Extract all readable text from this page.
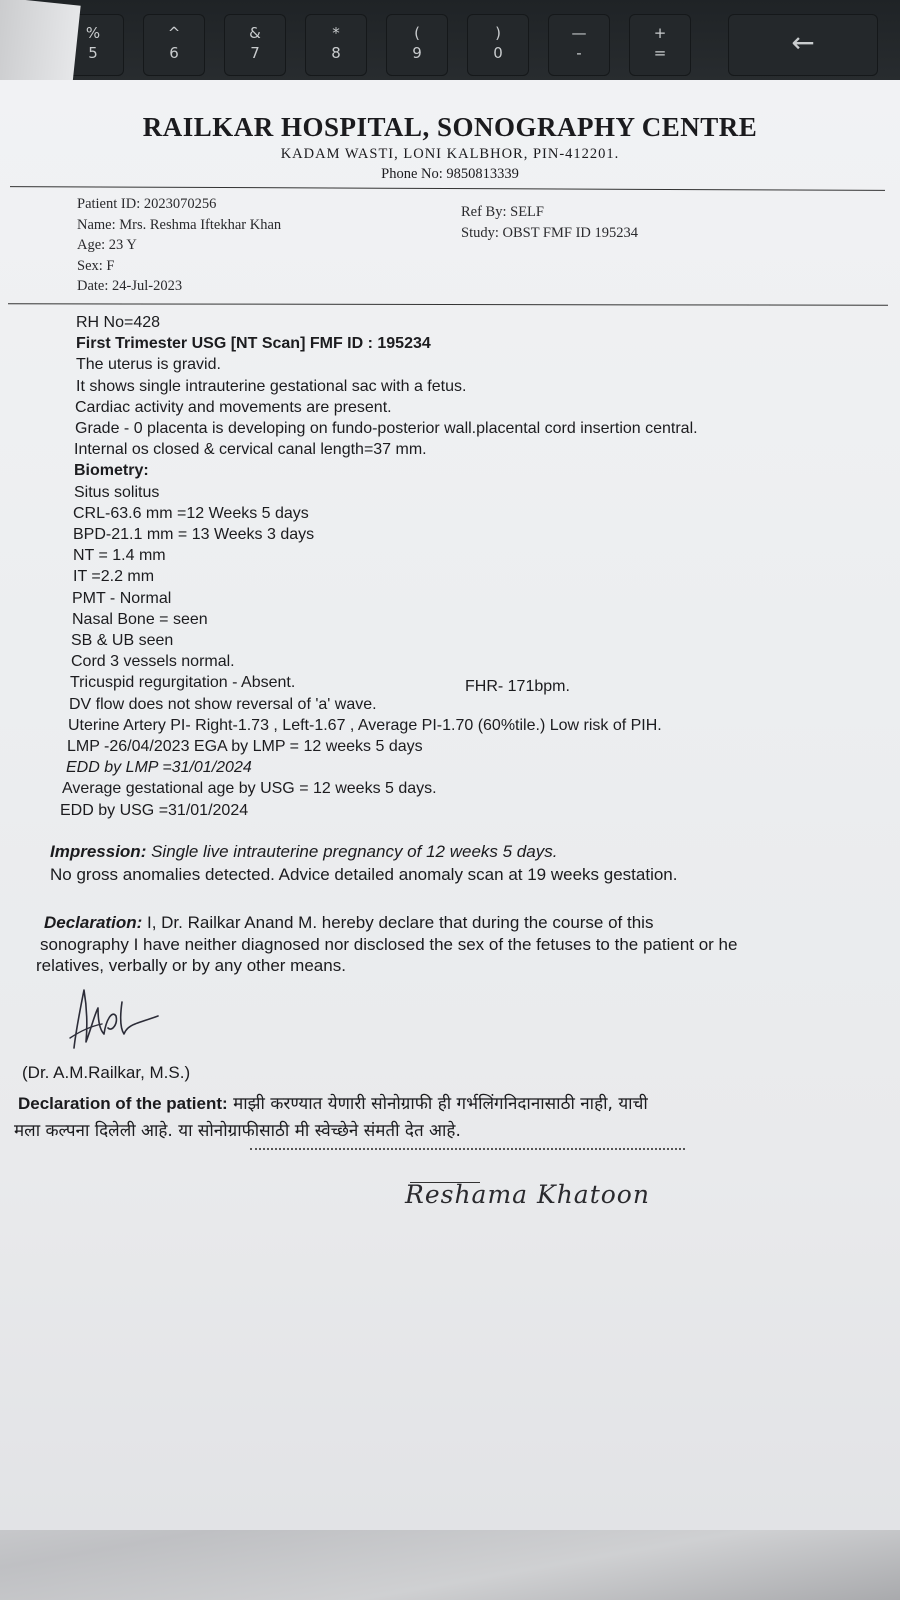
%
5
^
6
&
7
*
8
(
9
)
0
—
-
+
=	←
RAILKAR HOSPITAL, SONOGRAPHY CENTRE
KADAM WASTI, LONI KALBHOR, PIN-412201.
Phone No: 9850813339
Patient ID: 2023070256
Name: Mrs. Reshma Iftekhar Khan
Age: 23 Y
Sex: F
Date: 24-Jul-2023
Ref By: SELF
Study: OBST FMF ID 195234
RH No=428
First Trimester USG [NT Scan] FMF ID : 195234
The uterus is gravid.
It shows single intrauterine gestational sac with a fetus.
Cardiac activity and movements are present.
Grade - 0 placenta is developing on fundo-posterior wall.placental cord insertion central.
Internal os closed & cervical canal length=37 mm.
Biometry:
Situs solitus
CRL-63.6 mm =12 Weeks 5 days
BPD-21.1 mm = 13 Weeks 3 days
NT = 1.4 mm
IT =2.2 mm
PMT - Normal
Nasal Bone = seen
SB & UB seen
Cord 3 vessels normal.
Tricuspid regurgitation - Absent.
DV flow does not show reversal of 'a' wave.
Uterine Artery PI- Right-1.73 , Left-1.67 , Average PI-1.70 (60%tile.) Low risk of PIH.
LMP -26/04/2023 EGA by LMP = 12 weeks 5 days
EDD by LMP =31/01/2024
Average gestational age by USG = 12 weeks 5 days.
EDD by USG =31/01/2024
FHR- 171bpm.
Impression: Single live intrauterine pregnancy of 12 weeks 5 days.
No gross anomalies detected. Advice detailed anomaly scan at 19 weeks gestation.
Declaration: I, Dr. Railkar Anand M. hereby declare that during the course of this
sonography I have neither diagnosed nor disclosed the sex of the fetuses to the patient or he
relatives, verbally or by any other means.
(Dr. A.M.Railkar, M.S.)
Declaration of the patient: माझी करण्यात येणारी सोनोग्राफी ही गर्भलिंगनिदानासाठी नाही, याची
मला कल्पना दिलेली आहे. या सोनोग्राफीसाठी मी स्वेच्छेने संमती देत आहे.
Reshama Khatoon
